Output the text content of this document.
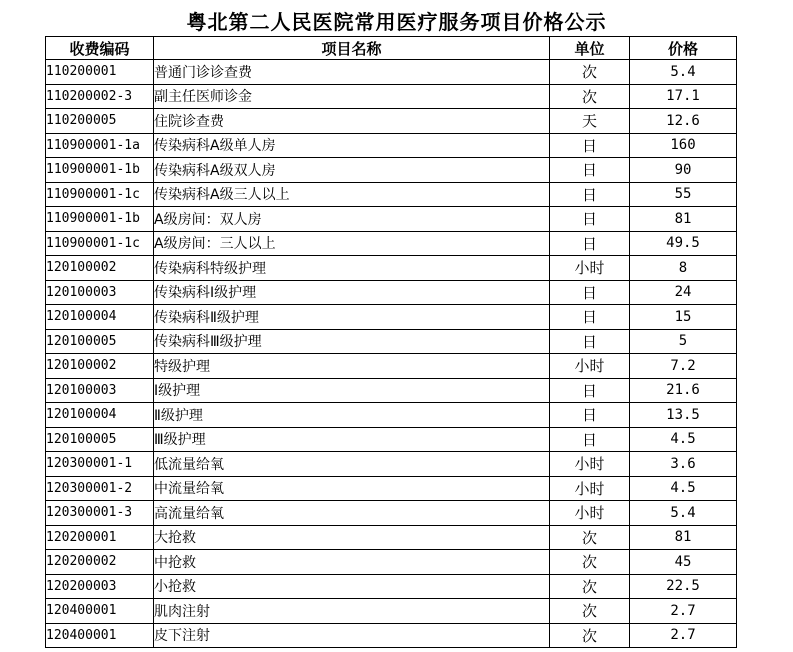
粤北第二人民医院常用医疗服务项目价格公示
收费编码	项目名称	单位	价格
110200001	普通门诊诊查费	次	5.4
110200002-3	副主任医师诊金	次	17.1
110200005	住院诊查费	天	12.6
110900001-1a	传染病科A级单人房	日	160
110900001-1b	传染病科A级双人房	日	90
110900001-1c	传染病科A级三人以上	日	55
110900001-1b	A级房间：双人房	日	81
110900001-1c	A级房间：三人以上	日	49.5
120100002	传染病科特级护理	小时	8
120100003	传染病科Ⅰ级护理	日	24
120100004	传染病科Ⅱ级护理	日	15
120100005	传染病科Ⅲ级护理	日	5
120100002	特级护理	小时	7.2
120100003	Ⅰ级护理	日	21.6
120100004	Ⅱ级护理	日	13.5
120100005	Ⅲ级护理	日	4.5
120300001-1	低流量给氧	小时	3.6
120300001-2	中流量给氧	小时	4.5
120300001-3	高流量给氧	小时	5.4
120200001	大抢救	次	81
120200002	中抢救	次	45
120200003	小抢救	次	22.5
120400001	肌肉注射	次	2.7
120400001	皮下注射	次	2.7
